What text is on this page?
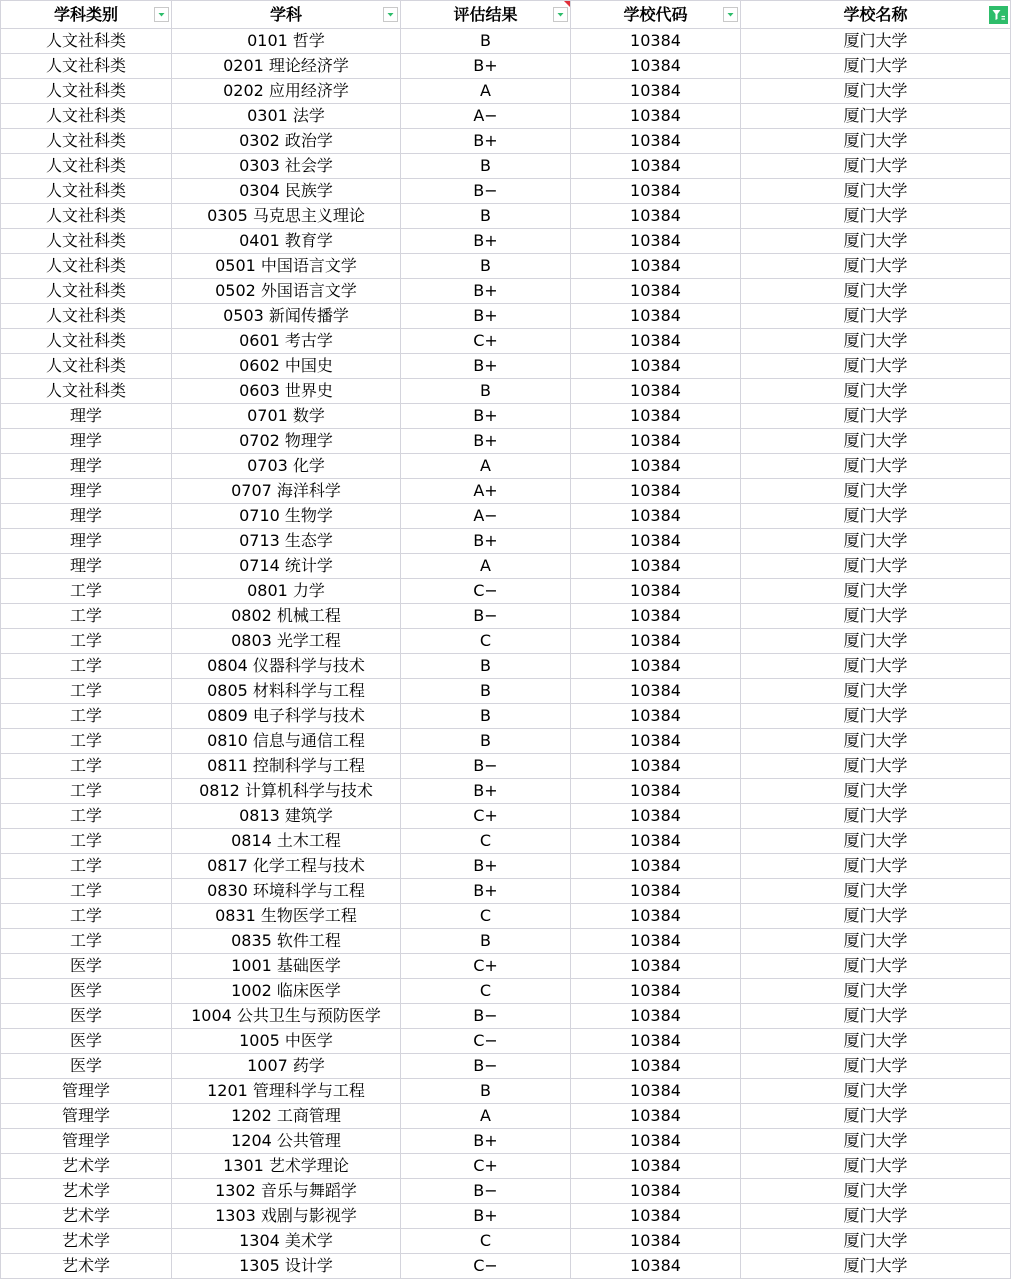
学科类别	学科	评估结果	学校代码	学校名称

人文社科类	0101 哲学	B	10384	厦门大学
人文社科类	0201 理论经济学	B+	10384	厦门大学
人文社科类	0202 应用经济学	A	10384	厦门大学
人文社科类	0301 法学	A−	10384	厦门大学
人文社科类	0302 政治学	B+	10384	厦门大学
人文社科类	0303 社会学	B	10384	厦门大学
人文社科类	0304 民族学	B−	10384	厦门大学
人文社科类	0305 马克思主义理论	B	10384	厦门大学
人文社科类	0401 教育学	B+	10384	厦门大学
人文社科类	0501 中国语言文学	B	10384	厦门大学
人文社科类	0502 外国语言文学	B+	10384	厦门大学
人文社科类	0503 新闻传播学	B+	10384	厦门大学
人文社科类	0601 考古学	C+	10384	厦门大学
人文社科类	0602 中国史	B+	10384	厦门大学
人文社科类	0603 世界史	B	10384	厦门大学
理学	0701 数学	B+	10384	厦门大学
理学	0702 物理学	B+	10384	厦门大学
理学	0703 化学	A	10384	厦门大学
理学	0707 海洋科学	A+	10384	厦门大学
理学	0710 生物学	A−	10384	厦门大学
理学	0713 生态学	B+	10384	厦门大学
理学	0714 统计学	A	10384	厦门大学
工学	0801 力学	C−	10384	厦门大学
工学	0802 机械工程	B−	10384	厦门大学
工学	0803 光学工程	C	10384	厦门大学
工学	0804 仪器科学与技术	B	10384	厦门大学
工学	0805 材料科学与工程	B	10384	厦门大学
工学	0809 电子科学与技术	B	10384	厦门大学
工学	0810 信息与通信工程	B	10384	厦门大学
工学	0811 控制科学与工程	B−	10384	厦门大学
工学	0812 计算机科学与技术	B+	10384	厦门大学
工学	0813 建筑学	C+	10384	厦门大学
工学	0814 土木工程	C	10384	厦门大学
工学	0817 化学工程与技术	B+	10384	厦门大学
工学	0830 环境科学与工程	B+	10384	厦门大学
工学	0831 生物医学工程	C	10384	厦门大学
工学	0835 软件工程	B	10384	厦门大学
医学	1001 基础医学	C+	10384	厦门大学
医学	1002 临床医学	C	10384	厦门大学
医学	1004 公共卫生与预防医学	B−	10384	厦门大学
医学	1005 中医学	C−	10384	厦门大学
医学	1007 药学	B−	10384	厦门大学
管理学	1201 管理科学与工程	B	10384	厦门大学
管理学	1202 工商管理	A	10384	厦门大学
管理学	1204 公共管理	B+	10384	厦门大学
艺术学	1301 艺术学理论	C+	10384	厦门大学
艺术学	1302 音乐与舞蹈学	B−	10384	厦门大学
艺术学	1303 戏剧与影视学	B+	10384	厦门大学
艺术学	1304 美术学	C	10384	厦门大学
艺术学	1305 设计学	C−	10384	厦门大学
